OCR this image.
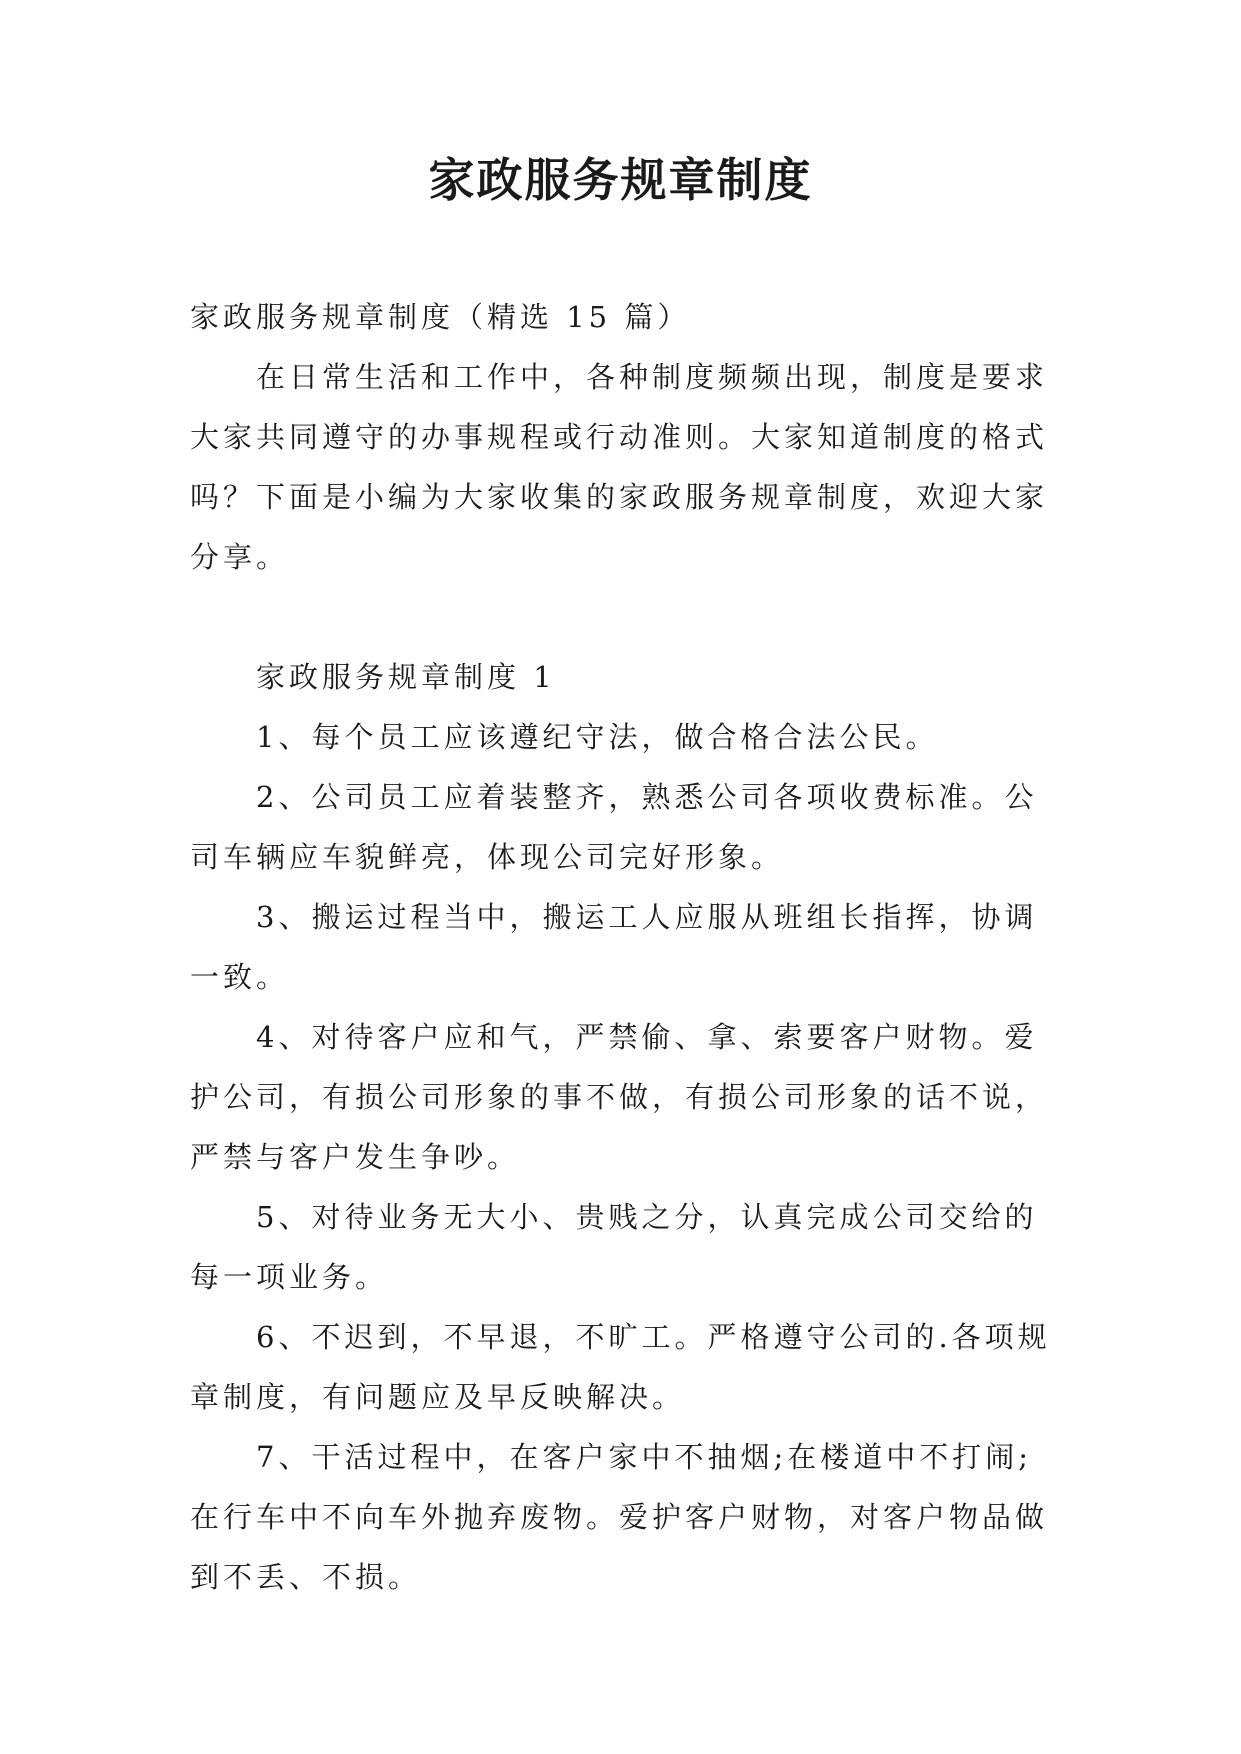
家政服务规章制度

家政服务规章制度（精选 15 篇）

在日常生活和工作中，各种制度频频出现，制度是要求大家共同遵守的办事规程或行动准则。大家知道制度的格式吗？下面是小编为大家收集的家政服务规章制度，欢迎大家分享。

家政服务规章制度 1

1、每个员工应该遵纪守法，做合格合法公民。

2、公司员工应着装整齐，熟悉公司各项收费标准。公司车辆应车貌鲜亮，体现公司完好形象。

3、搬运过程当中，搬运工人应服从班组长指挥，协调一致。

4、对待客户应和气，严禁偷、拿、索要客户财物。爱护公司，有损公司形象的事不做，有损公司形象的话不说，严禁与客户发生争吵。

5、对待业务无大小、贵贱之分，认真完成公司交给的每一项业务。

6、不迟到，不早退，不旷工。严格遵守公司的.各项规章制度，有问题应及早反映解决。

7、干活过程中，在客户家中不抽烟;在楼道中不打闹;在行车中不向车外抛弃废物。爱护客户财物，对客户物品做到不丢、不损。
